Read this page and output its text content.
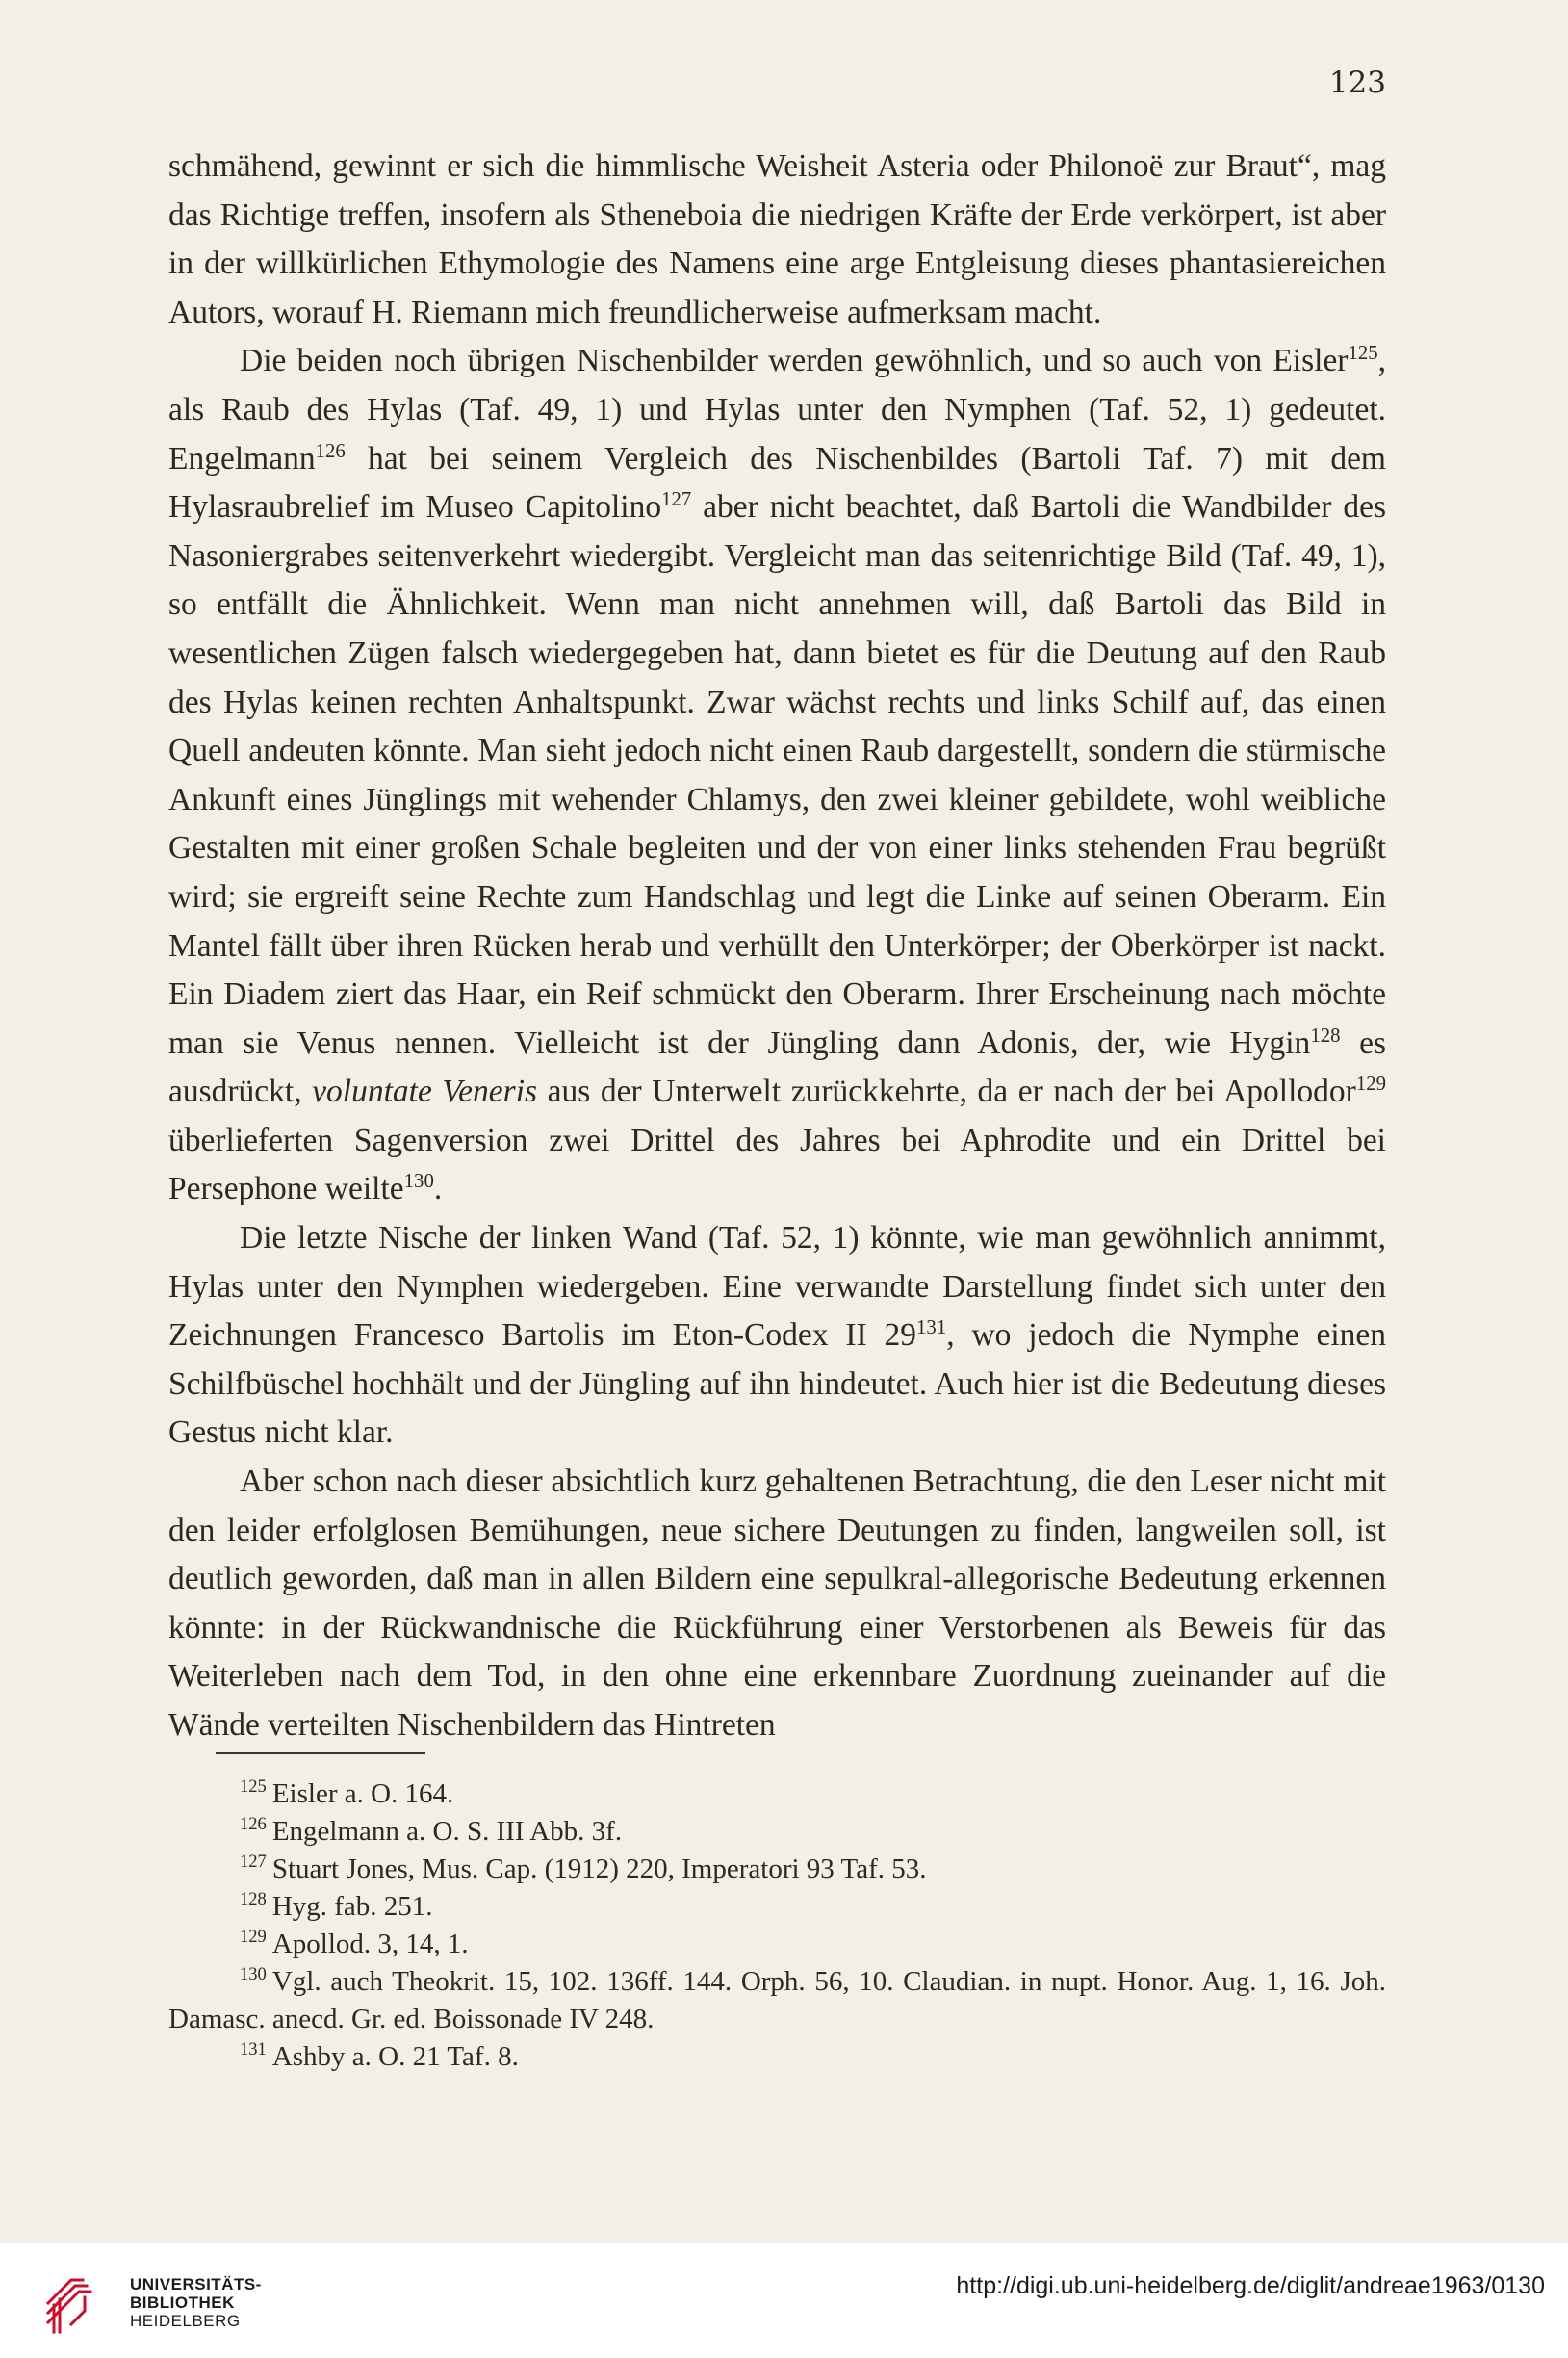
123

schmähend, gewinnt er sich die himmlische Weisheit Asteria oder Philonoë zur Braut“, mag das Richtige treffen, insofern als Stheneboia die niedrigen Kräfte der Erde verkörpert, ist aber in der willkürlichen Ethymologie des Namens eine arge Entgleisung dieses phantasiereichen Autors, worauf H. Riemann mich freundlicherweise aufmerksam macht.

Die beiden noch übrigen Nischenbilder werden gewöhnlich, und so auch von Eisler$^{125}$, als Raub des Hylas (Taf. 49, 1) und Hylas unter den Nymphen (Taf. 52, 1) gedeutet. Engelmann$^{126}$ hat bei seinem Vergleich des Nischenbildes (Bartoli Taf. 7) mit dem Hylasraubrelief im Museo Capitolino$^{127}$ aber nicht beachtet, daß Bartoli die Wandbilder des Nasoniergrabes seitenverkehrt wiedergibt. Vergleicht man das seitenrichtige Bild (Taf. 49, 1), so entfällt die Ähnlichkeit. Wenn man nicht annehmen will, daß Bartoli das Bild in wesentlichen Zügen falsch wiedergegeben hat, dann bietet es für die Deutung auf den Raub des Hylas keinen rechten Anhaltspunkt. Zwar wächst rechts und links Schilf auf, das einen Quell andeuten könnte. Man sieht jedoch nicht einen Raub dargestellt, sondern die stürmische Ankunft eines Jünglings mit wehender Chlamys, den zwei kleiner gebildete, wohl weibliche Gestalten mit einer großen Schale begleiten und der von einer links stehenden Frau begrüßt wird; sie ergreift seine Rechte zum Handschlag und legt die Linke auf seinen Oberarm. Ein Mantel fällt über ihren Rücken herab und verhüllt den Unterkörper; der Oberkörper ist nackt. Ein Diadem ziert das Haar, ein Reif schmückt den Oberarm. Ihrer Erscheinung nach möchte man sie Venus nennen. Vielleicht ist der Jüngling dann Adonis, der, wie Hygin$^{128}$ es ausdrückt, voluntate Veneris aus der Unterwelt zurückkehrte, da er nach der bei Apollodor$^{129}$ überlieferten Sagenversion zwei Drittel des Jahres bei Aphrodite und ein Drittel bei Persephone weilte$^{130}$.

Die letzte Nische der linken Wand (Taf. 52, 1) könnte, wie man gewöhnlich annimmt, Hylas unter den Nymphen wiedergeben. Eine verwandte Darstellung findet sich unter den Zeichnungen Francesco Bartolis im Eton-Codex II $29^{131}$, wo jedoch die Nymphe einen Schilfbüschel hochhält und der Jüngling auf ihn hindeutet. Auch hier ist die Bedeutung dieses Gestus nicht klar.

Aber schon nach dieser absichtlich kurz gehaltenen Betrachtung, die den Leser nicht mit den leider erfolglosen Bemühungen, neue sichere Deutungen zu finden, langweilen soll, ist deutlich geworden, daß man in allen Bildern eine sepulkral-allegorische Bedeutung erkennen könnte: in der Rückwandnische die Rückführung einer Verstorbenen als Beweis für das Weiterleben nach dem Tod, in den ohne eine erkennbare Zuordnung zueinander auf die Wände verteilten Nischenbildern das Hintreten

$^{125}$ Eisler a. O. 164.
$^{126}$ Engelmann a. O. S. III Abb. 3f.
$^{127}$ Stuart Jones, Mus. Cap. (1912) 220, Imperatori 93 Taf. 53.
$^{128}$ Hyg. fab. 251.
$^{129}$ Apollod. 3, 14, 1.
$^{130}$ Vgl. auch Theokrit. 15, 102. 136ff. 144. Orph. 56, 10. Claudian. in nupt. Honor. Aug. 1, 16. Joh. Damasc. anecd. Gr. ed. Boissonade IV 248.
$^{131}$ Ashby a. O. 21 Taf. 8.
UNIVERSITÄTS-
BIBLIOTHEK
HEIDELBERG
http://digi.ub.uni-heidelberg.de/diglit/andreae1963/0130
